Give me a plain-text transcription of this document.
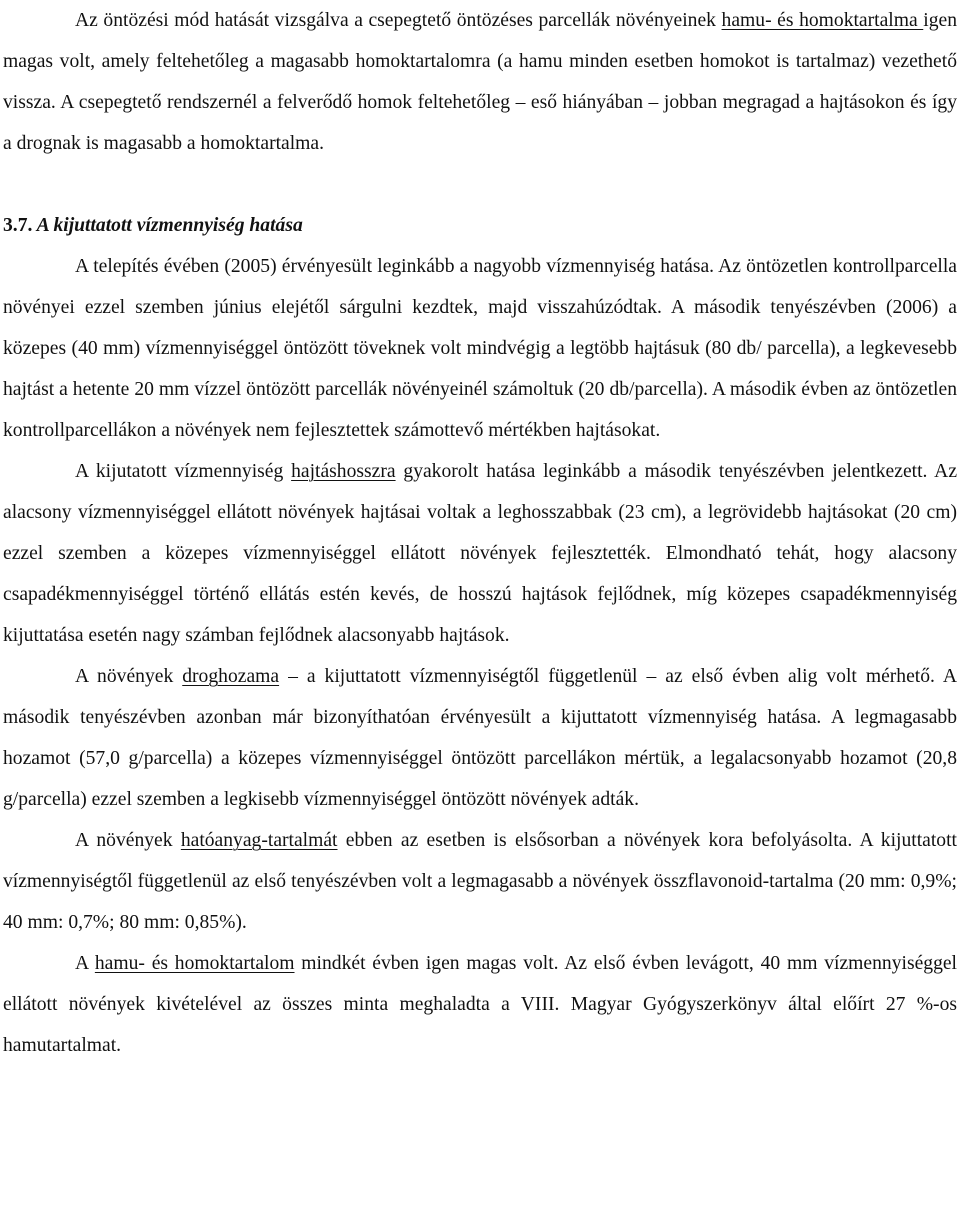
Az öntözési mód hatását vizsgálva a csepegtető öntözéses parcellák növényeinek hamu- és homoktartalma igen magas volt, amely feltehetőleg a magasabb homoktartalomra (a hamu minden esetben homokot is tartalmaz) vezethető vissza. A csepegtető rendszernél a felverődő homok feltehetőleg – eső hiányában – jobban megragad a hajtásokon és így a drognak is magasabb a homoktartalma.

3.7. A kijuttatott vízmennyiség hatása

A telepítés évében (2005) érvényesült leginkább a nagyobb vízmennyiség hatása. Az öntözetlen kontrollparcella növényei ezzel szemben június elejétől sárgulni kezdtek, majd visszahúzódtak. A második tenyészévben (2006) a közepes (40 mm) vízmennyiséggel öntözött töveknek volt mindvégig a legtöbb hajtásuk (80 db/ parcella), a legkevesebb hajtást a hetente 20 mm vízzel öntözött parcellák növényeinél számoltuk (20 db/parcella). A második évben az öntözetlen kontrollparcellákon a növények nem fejlesztettek számottevő mértékben hajtásokat.

A kijutatott vízmennyiség hajtáshosszra gyakorolt hatása leginkább a második tenyészévben jelentkezett. Az alacsony vízmennyiséggel ellátott növények hajtásai voltak a leghosszabbak (23 cm), a legrövidebb hajtásokat (20 cm) ezzel szemben a közepes vízmennyiséggel ellátott növények fejlesztették. Elmondható tehát, hogy alacsony csapadékmennyiséggel történő ellátás estén kevés, de hosszú hajtások fejlődnek, míg közepes csapadékmennyiség kijuttatása esetén nagy számban fejlődnek alacsonyabb hajtások.

A növények droghozama – a kijuttatott vízmennyiségtől függetlenül – az első évben alig volt mérhető. A második tenyészévben azonban már bizonyíthatóan érvényesült a kijuttatott vízmennyiség hatása. A legmagasabb hozamot (57,0 g/parcella) a közepes vízmennyiséggel öntözött parcellákon mértük, a legalacsonyabb hozamot (20,8 g/parcella) ezzel szemben a legkisebb vízmennyiséggel öntözött növények adták.

A növények hatóanyag-tartalmát ebben az esetben is elsősorban a növények kora befolyásolta. A kijuttatott vízmennyiségtől függetlenül az első tenyészévben volt a legmagasabb a növények összflavonoid-tartalma (20 mm: 0,9%; 40 mm: 0,7%; 80 mm: 0,85%).

A hamu- és homoktartalom mindkét évben igen magas volt. Az első évben levágott, 40 mm vízmennyiséggel ellátott növények kivételével az összes minta meghaladta a VIII. Magyar Gyógyszerkönyv által előírt 27 %-os hamutartalmat.
